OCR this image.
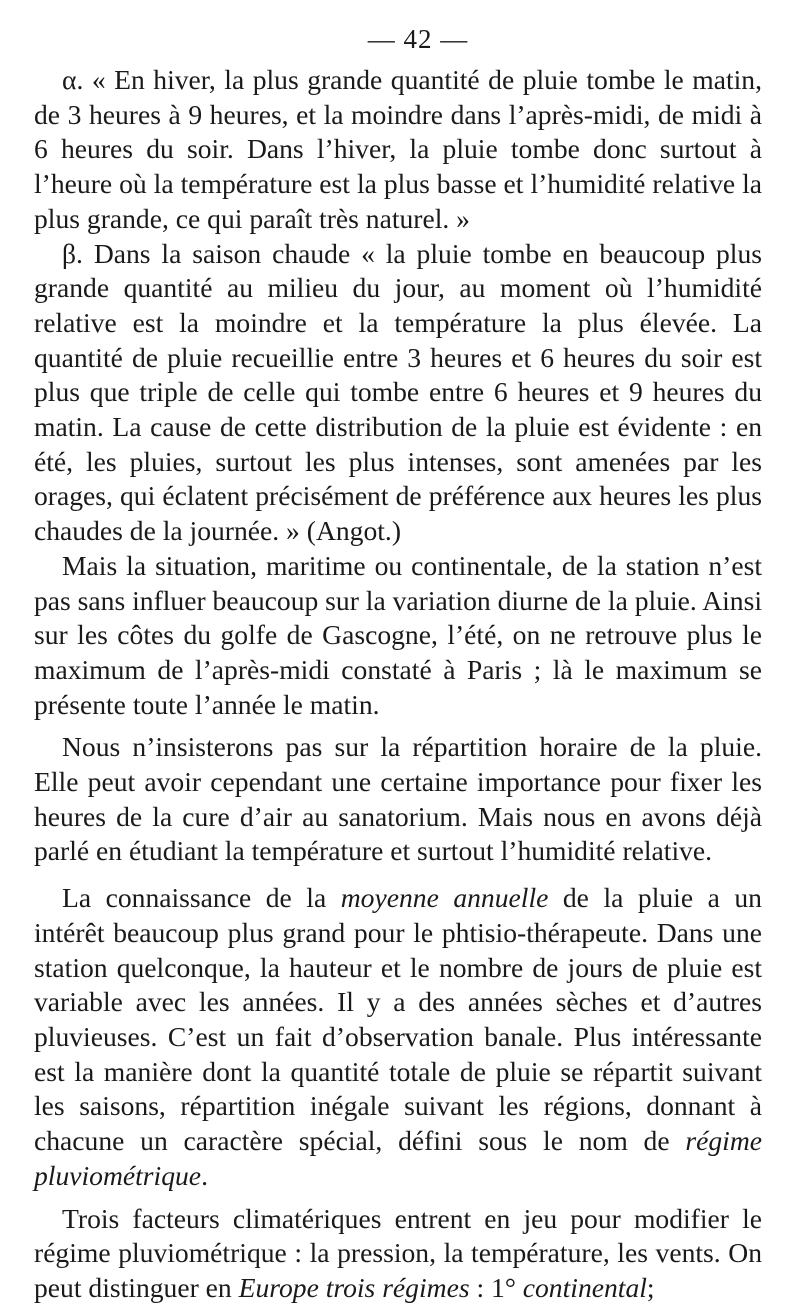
— 42 —

α. « En hiver, la plus grande quantité de pluie tombe le matin, de 3 heures à 9 heures, et la moindre dans l’après-midi, de midi à 6 heures du soir. Dans l’hiver, la pluie tombe donc surtout à l’heure où la température est la plus basse et l’humidité relative la plus grande, ce qui paraît très naturel. »

β. Dans la saison chaude « la pluie tombe en beaucoup plus grande quantité au milieu du jour, au moment où l’humidité relative est la moindre et la température la plus élevée. La quantité de pluie recueillie entre 3 heures et 6 heures du soir est plus que triple de celle qui tombe entre 6 heures et 9 heures du matin. La cause de cette distribution de la pluie est évidente : en été, les pluies, surtout les plus intenses, sont amenées par les orages, qui éclatent précisément de préférence aux heures les plus chaudes de la journée. » (Angot.)

Mais la situation, maritime ou continentale, de la station n’est pas sans influer beaucoup sur la variation diurne de la pluie. Ainsi sur les côtes du golfe de Gascogne, l’été, on ne retrouve plus le maximum de l’après-midi constaté à Paris ; là le maximum se présente toute l’année le matin.

Nous n’insisterons pas sur la répartition horaire de la pluie. Elle peut avoir cependant une certaine importance pour fixer les heures de la cure d’air au sanatorium. Mais nous en avons déjà parlé en étudiant la température et surtout l’humidité relative.

La connaissance de la moyenne annuelle de la pluie a un intérêt beaucoup plus grand pour le phtisio-thérapeute. Dans une station quelconque, la hauteur et le nombre de jours de pluie est variable avec les années. Il y a des années sèches et d’autres pluvieuses. C’est un fait d’observation banale. Plus intéressante est la manière dont la quantité totale de pluie se répartit suivant les saisons, répartition inégale suivant les régions, donnant à chacune un caractère spécial, défini sous le nom de régime pluviométrique.

Trois facteurs climatériques entrent en jeu pour modifier le régime pluviométrique : la pression, la température, les vents. On peut distinguer en Europe trois régimes : 1° continental;
